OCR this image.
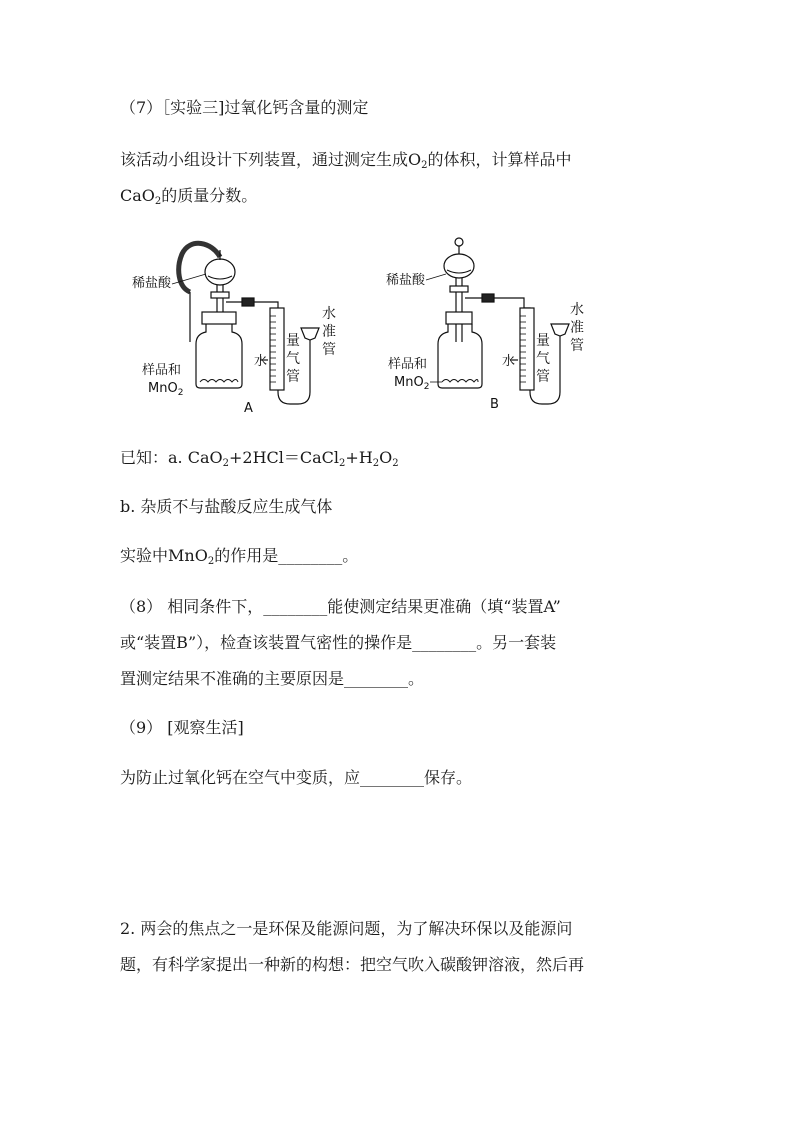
（7）［实验三]过氧化钙含量的测定
该活动小组设计下列装置，通过测定生成$O_2$的体积，计算样品中
CaO$_2$的质量分数。
稀盐酸
样品和
MnO$_2$
水
量
气
管
水
准
管
A
稀盐酸
样品和
MnO$_2$
水
量
气
管
水
准
管
B
已知：a. $CaO_2+2HCl=CaCl_2+H_2O_2$
b. 杂质不与盐酸反应生成气体
实验中MnO$_2$的作用是________。
（8） 相同条件下，________能使测定结果更准确（填“装置A”
或“装置B”），检查该装置气密性的操作是________。另一套装
置测定结果不准确的主要原因是________。
（9） [观察生活]
为防止过氧化钙在空气中变质，应________保存。
2. 两会的焦点之一是环保及能源问题，为了解决环保以及能源问
题，有科学家提出一种新的构想：把空气吹入碳酸钾溶液，然后再
